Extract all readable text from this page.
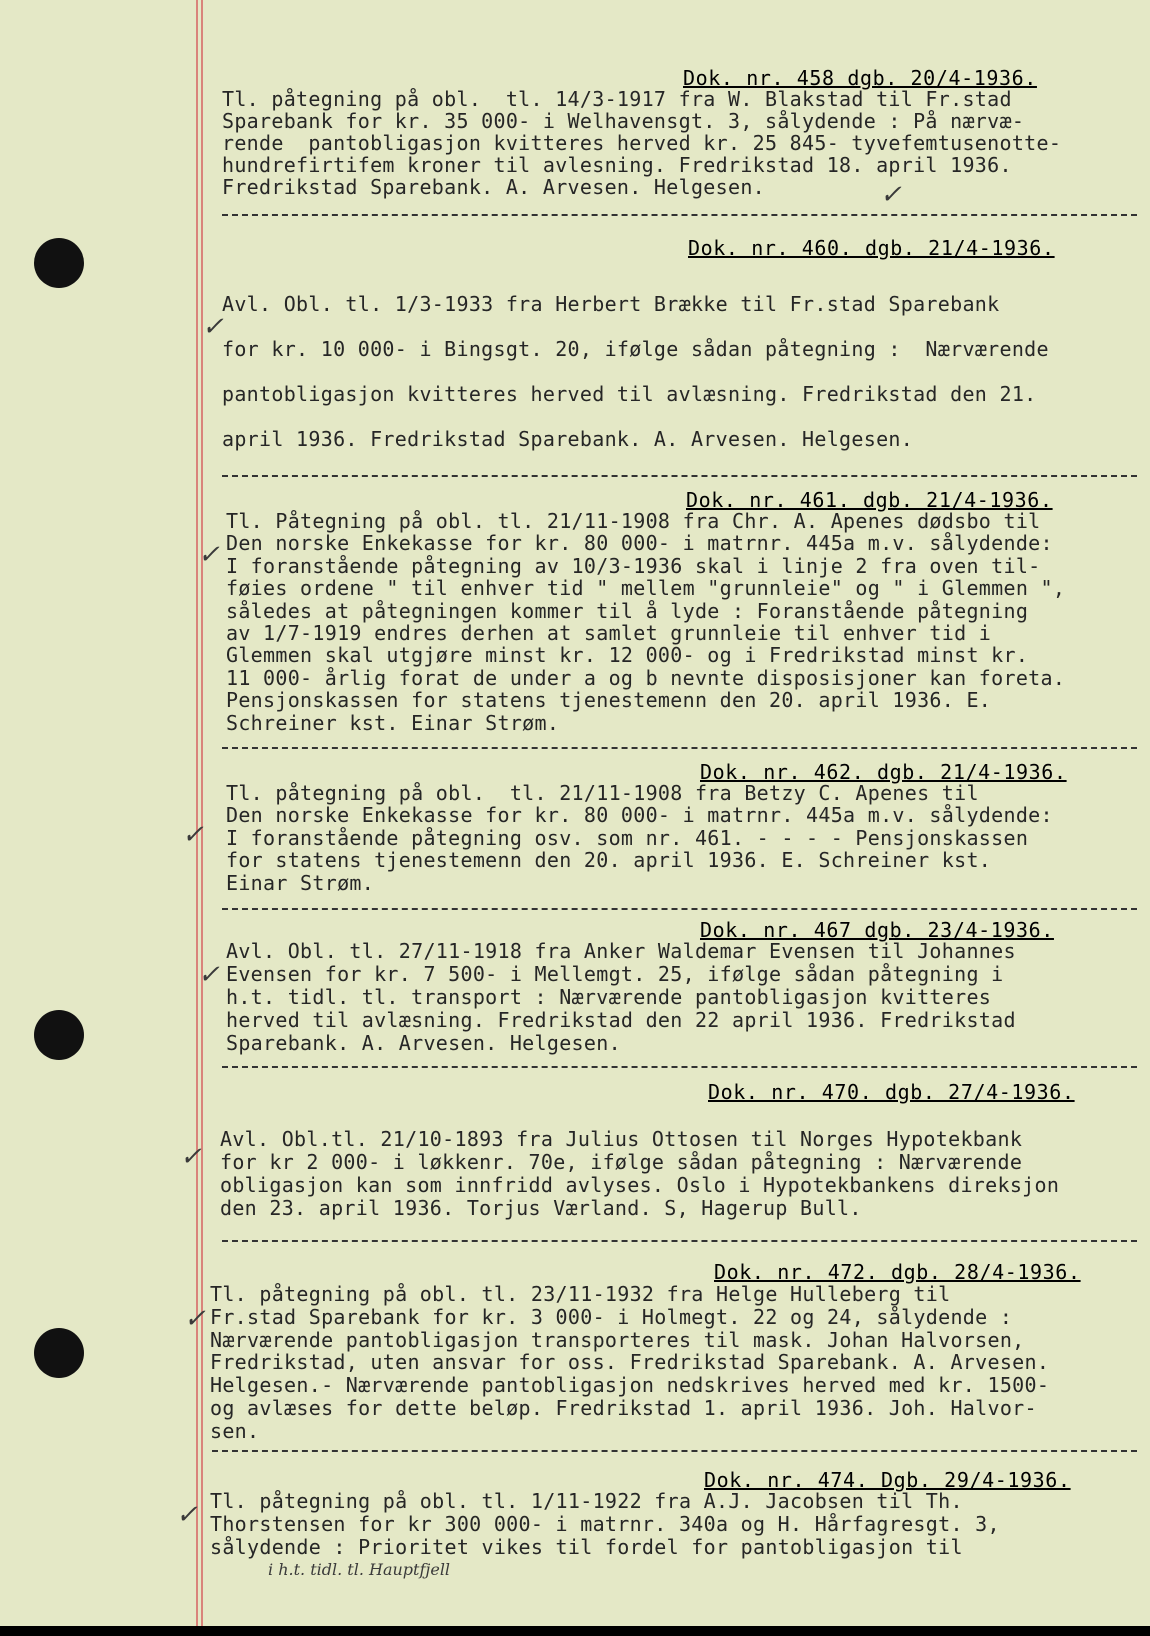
Dok. nr. 458 dgb. 20/4-1936.
Tl. påtegning på obl.  tl. 14/3-1917 fra W. Blakstad til Fr.stad
Sparebank for kr. 35 000- i Welhavensgt. 3, sålydende : På nærvæ-
rende  pantobligasjon kvitteres herved kr. 25 845- tyvefemtusenotte-
hundrefirtifem kroner til avlesning. Fredrikstad 18. april 1936.
Fredrikstad Sparebank. A. Arvesen. Helgesen.	✓
Dok. nr. 460. dgb. 21/4-1936.
Avl. Obl. tl. 1/3-1933 fra Herbert Brække til Fr.stad Sparebank
for kr. 10 000- i Bingsgt. 20, ifølge sådan påtegning :  Nærværende
pantobligasjon kvitteres herved til avlæsning. Fredrikstad den 21.
april 1936. Fredrikstad Sparebank. A. Arvesen. Helgesen.
✓
Dok. nr. 461. dgb. 21/4-1936.
Tl. Påtegning på obl. tl. 21/11-1908 fra Chr. A. Apenes dødsbo til
Den norske Enkekasse for kr. 80 000- i matrnr. 445a m.v. sålydende:
I foranstående påtegning av 10/3-1936 skal i linje 2 fra oven til-
føies ordene " til enhver tid " mellem "grunnleie" og " i Glemmen ",
således at påtegningen kommer til å lyde : Foranstående påtegning
av 1/7-1919 endres derhen at samlet grunnleie til enhver tid i
Glemmen skal utgjøre minst kr. 12 000- og i Fredrikstad minst kr.
11 000- årlig forat de under a og b nevnte disposisjoner kan foreta.
Pensjonskassen for statens tjenestemenn den 20. april 1936. E.
Schreiner kst. Einar Strøm.
✓
Dok. nr. 462. dgb. 21/4-1936.
Tl. påtegning på obl.  tl. 21/11-1908 fra Betzy C. Apenes til
Den norske Enkekasse for kr. 80 000- i matrnr. 445a m.v. sålydende:
I foranstående påtegning osv. som nr. 461. - - - - Pensjonskassen
for statens tjenestemenn den 20. april 1936. E. Schreiner kst.
Einar Strøm.
✓
Dok. nr. 467 dgb. 23/4-1936.
Avl. Obl. tl. 27/11-1918 fra Anker Waldemar Evensen til Johannes
Evensen for kr. 7 500- i Mellemgt. 25, ifølge sådan påtegning i
h.t. tidl. tl. transport : Nærværende pantobligasjon kvitteres
herved til avlæsning. Fredrikstad den 22 april 1936. Fredrikstad
Sparebank. A. Arvesen. Helgesen.
✓
Dok. nr. 470. dgb. 27/4-1936.
Avl. Obl.tl. 21/10-1893 fra Julius Ottosen til Norges Hypotekbank
for kr 2 000- i løkkenr. 70e, ifølge sådan påtegning : Nærværende
obligasjon kan som innfridd avlyses. Oslo i Hypotekbankens direksjon
den 23. april 1936. Torjus Værland. S, Hagerup Bull.
✓
Dok. nr. 472. dgb. 28/4-1936.
Tl. påtegning på obl. tl. 23/11-1932 fra Helge Hulleberg til
Fr.stad Sparebank for kr. 3 000- i Holmegt. 22 og 24, sålydende :
Nærværende pantobligasjon transporteres til mask. Johan Halvorsen,
Fredrikstad, uten ansvar for oss. Fredrikstad Sparebank. A. Arvesen.
Helgesen.- Nærværende pantobligasjon nedskrives herved med kr. 1500-
og avlæses for dette beløp. Fredrikstad 1. april 1936. Joh. Halvor-
sen.
✓
Dok. nr. 474. Dgb. 29/4-1936.
Tl. påtegning på obl. tl. 1/11-1922 fra A.J. Jacobsen til Th.
Thorstensen for kr 300 000- i matrnr. 340a og H. Hårfagresgt. 3,
sålydende : Prioritet vikes til fordel for pantobligasjon til
✓
i h.t. tidl. tl. Hauptfjell
